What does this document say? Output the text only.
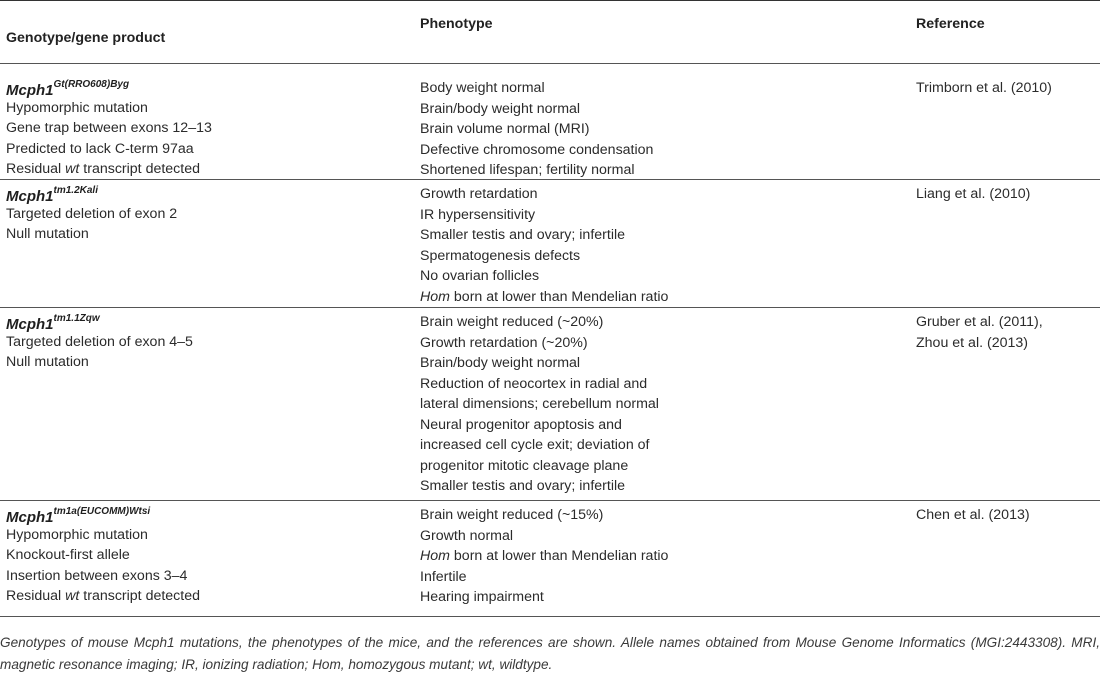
Genotype/gene product
Phenotype	Reference
$Mcph1^{Gt(RRO608)Byg}$
Hypomorphic mutation
Gene trap between exons 12–13
Predicted to lack C-term 97aa
Residual wt transcript detected
Body weight normal
Brain/body weight normal
Brain volume normal (MRI)
Defective chromosome condensation
Shortened lifespan; fertility normal
Trimborn et al. (2010)
$Mcph1^{tm1.2Kali}$
Targeted deletion of exon 2
Null mutation
Growth retardation
IR hypersensitivity
Smaller testis and ovary; infertile
Spermatogenesis defects
No ovarian follicles
Hom born at lower than Mendelian ratio
Liang et al. (2010)
$Mcph1^{tm1.1Zqw}$
Targeted deletion of exon 4–5
Null mutation
Brain weight reduced (~20%)
Growth retardation (~20%)
Brain/body weight normal
Reduction of neocortex in radial and
lateral dimensions; cerebellum normal
Neural progenitor apoptosis and
increased cell cycle exit; deviation of
progenitor mitotic cleavage plane
Smaller testis and ovary; infertile
Gruber et al. (2011),
Zhou et al. (2013)
$Mcph1^{tm1a(EUCOMM)Wtsi}$
Hypomorphic mutation
Knockout-first allele
Insertion between exons 3–4
Residual wt transcript detected
Brain weight reduced (~15%)
Growth normal
Hom born at lower than Mendelian ratio
Infertile
Hearing impairment
Chen et al. (2013)
Genotypes of mouse Mcph1 mutations, the phenotypes of the mice, and the references are shown. Allele names obtained from Mouse Genome Informatics (MGI:2443308). MRI, magnetic resonance imaging; IR, ionizing radiation; Hom, homozygous mutant; wt, wildtype.
